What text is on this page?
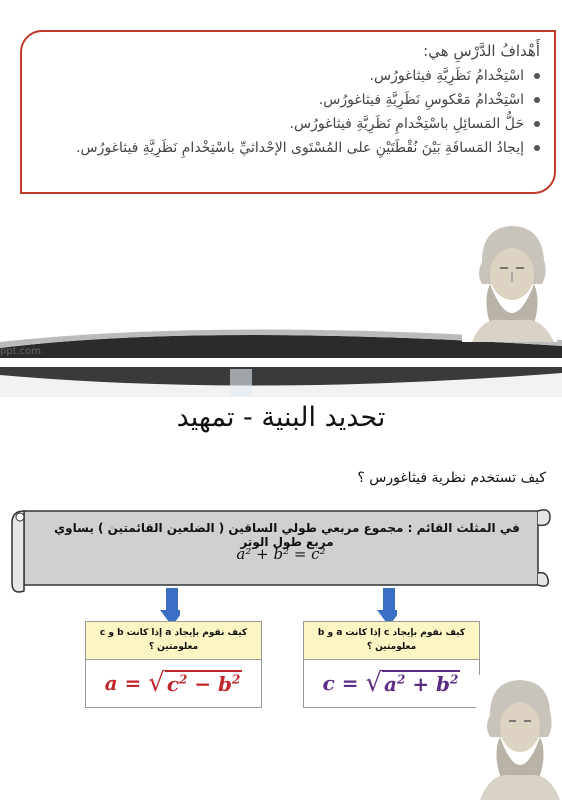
أَهْدافُ الدَّرْسِ هي:
اسْتِخْدامُ نَظَرِيَّةِ فيثاغورُس.
اسْتِخْدامُ مَعْكوسِ نَظَرِيَّةِ فيثاغورُس.
حَلُّ المَسائِلِ باسْتِخْدامِ نَظَرِيَّةِ فيثاغورُس.
إيجادُ المَسافَةِ بَيْنَ نُقْطَتَيْنِ على المُسْتَوى الإحْداثيِّ باسْتِخْدامِ نَظَرِيَّةِ فيثاغورُس.
ppt.com
تحديد البنية - تمهيد
كيف تستخدم نظرية فيثاغورس ؟
في المثلث القائم : مجموع مربعي طولي الساقين ( الضلعين القائمتين ) يساوي مربع طول الوتر
a² + b² = c²
كيف نقوم بإيجاد a إذا كانت b و c معلومتين ؟
a = √ $c^2 - b^2$
كيف نقوم بإيجاد c إذا كانت a و b معلومتين ؟
c = √ $a^2 + b^2$
